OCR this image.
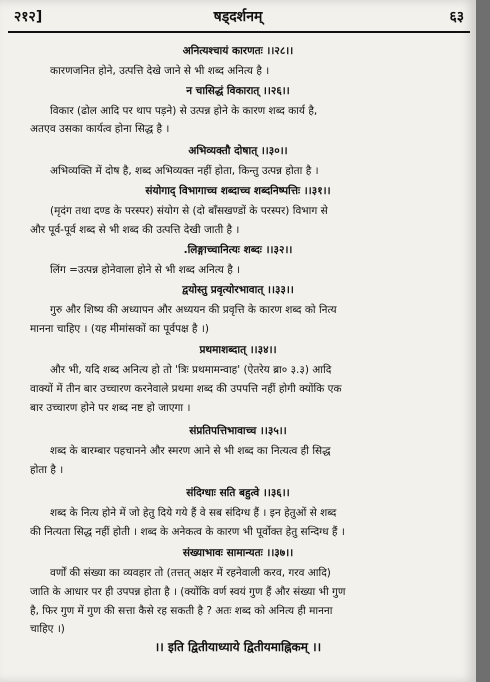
२१२]	षड्दर्शनम्	६३
अनित्यश्चायं कारणतः ।।२८।।
कारणजनित होने, उत्पत्ति देखे जाने से भी शब्द अनित्य है ।
न चासिद्धं विकारात् ।।२६।।
विकार (ढोल आदि पर थाप पड़ने) से उत्पन्न होने के कारण शब्द कार्य है,
अतएव उसका कार्यत्व होना सिद्ध है ।
अभिव्यक्तौ दोषात् ।।३०।।
अभिव्यक्ति में दोष है, शब्द अभिव्यक्त नहीं होता, किन्तु उत्पन्न होता है ।
संयोगाद् विभागाच्च शब्दाच्च शब्दनिष्पत्तिः ।।३१।।
(मृदंग तथा दण्ड के परस्पर) संयोग से (दो बाँसखण्डों के परस्पर) विभाग से
और पूर्व-पूर्व शब्द से भी शब्द की उत्पत्ति देखी जाती है ।
.लिङ्गाच्चानित्यः शब्दः ।।३२।।
लिंग =उत्पन्न होनेवाला होने से भी शब्द अनित्य है ।
द्वयोस्तु प्रवृत्योरभावात् ।।३३।।
गुरु और शिष्य की अध्यापन और अध्ययन की प्रवृत्ति के कारण शब्द को नित्य
मानना चाहिए । (यह मीमांसकों का पूर्वपक्ष है ।)
प्रथमाशब्दात् ।।३४।।
और भी, यदि शब्द अनित्य हो तो 'त्रिः प्रथमामन्वाह' (ऐतरेय ब्रा० ३.३) आदि
वाक्यों में तीन बार उच्चारण करनेवाले प्रथमा शब्द की उपपत्ति नहीं होगी क्योंकि एक
बार उच्चारण होने पर शब्द नष्ट हो जाएगा ।
संप्रतिपत्तिभावाच्च ।।३५।।
शब्द के बारम्बार पहचानने और स्मरण आने से भी शब्द का नित्यत्व ही सिद्ध
होता है ।
संदिग्धाः सति बहुत्वे ।।३६।।
शब्द के नित्य होने में जो हेतु दिये गये हैं वे सब संदिग्ध हैं । इन हेतुओं से शब्द
की नित्यता सिद्ध नहीं होती । शब्द के अनेकत्व के कारण भी पूर्वोक्त हेतु सन्दिग्ध हैं ।
संख्याभावः सामान्यतः ।।३७।।
वर्णों की संख्या का व्यवहार तो (तत्तत् अक्षर में रहनेवाली करव, गरव आदि)
जाति के आधार पर ही उपपन्न होता है । (क्योंकि वर्ण स्वयं गुण हैं और संख्या भी गुण
है, फिर गुण में गुण की सत्ता कैसे रह सकती है ? अतः शब्द को अनित्य ही मानना
चाहिए ।)
।। इति द्वितीयाध्याये द्वितीयमाह्निकम् ।।
